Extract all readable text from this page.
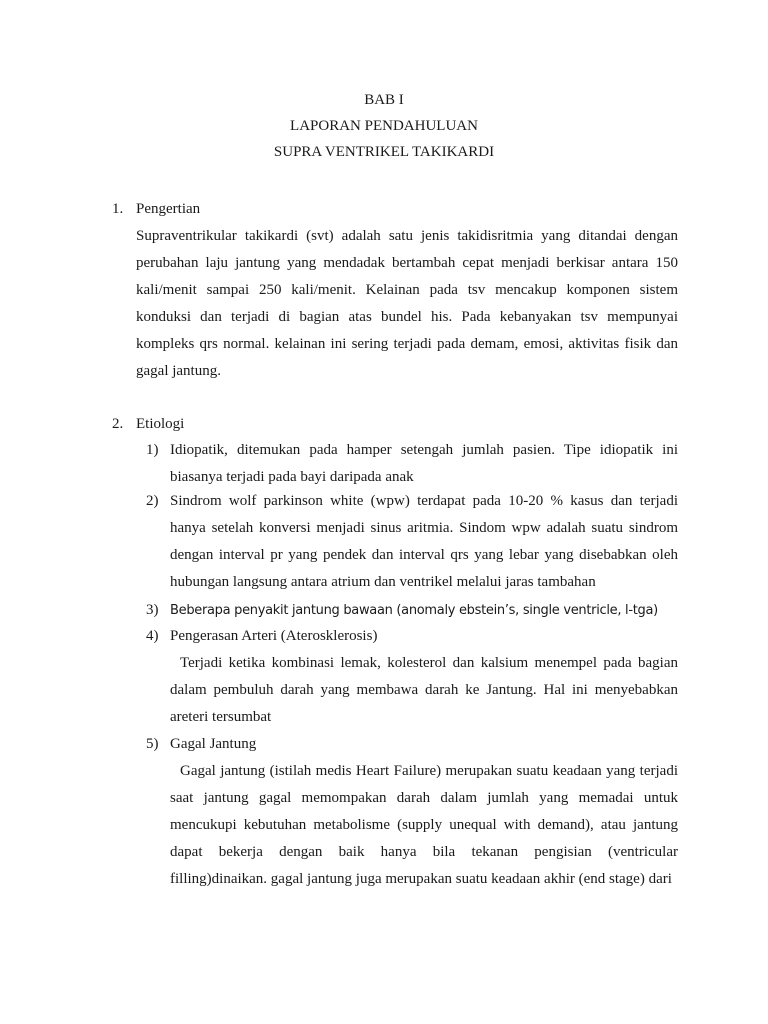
BAB I
LAPORAN PENDAHULUAN
SUPRA VENTRIKEL TAKIKARDI
1. Pengertian
Supraventrikular takikardi (svt) adalah satu jenis takidisritmia yang ditandai dengan perubahan laju jantung yang mendadak bertambah cepat menjadi berkisar antara 150 kali/menit sampai 250 kali/menit. Kelainan pada tsv mencakup komponen sistem konduksi dan terjadi di bagian atas bundel his. Pada kebanyakan tsv mempunyai kompleks qrs normal. kelainan ini sering terjadi pada demam, emosi, aktivitas fisik dan gagal jantung.
2. Etiologi
1) Idiopatik, ditemukan pada hamper setengah jumlah pasien. Tipe idiopatik ini biasanya terjadi pada bayi daripada anak
2) Sindrom wolf parkinson white (wpw) terdapat pada 10-20 % kasus dan terjadi hanya setelah konversi menjadi sinus aritmia. Sindom wpw adalah suatu sindrom dengan interval pr yang pendek dan interval qrs yang lebar yang disebabkan oleh hubungan langsung antara atrium dan ventrikel melalui jaras tambahan
3) Beberapa penyakit jantung bawaan (anomaly ebstein’s, single ventricle, l-tga)
4) Pengerasan Arteri (Aterosklerosis)
Terjadi ketika kombinasi lemak, kolesterol dan kalsium menempel pada bagian dalam pembuluh darah yang membawa darah ke Jantung. Hal ini menyebabkan areteri tersumbat
5) Gagal Jantung
Gagal jantung (istilah medis Heart Failure) merupakan suatu keadaan yang terjadi saat jantung gagal memompakan darah dalam jumlah yang memadai untuk mencukupi kebutuhan metabolisme (supply unequal with demand), atau jantung dapat bekerja dengan baik hanya bila tekanan pengisian (ventricular filling)dinaikan. gagal jantung juga merupakan suatu keadaan akhir (end stage) dari
